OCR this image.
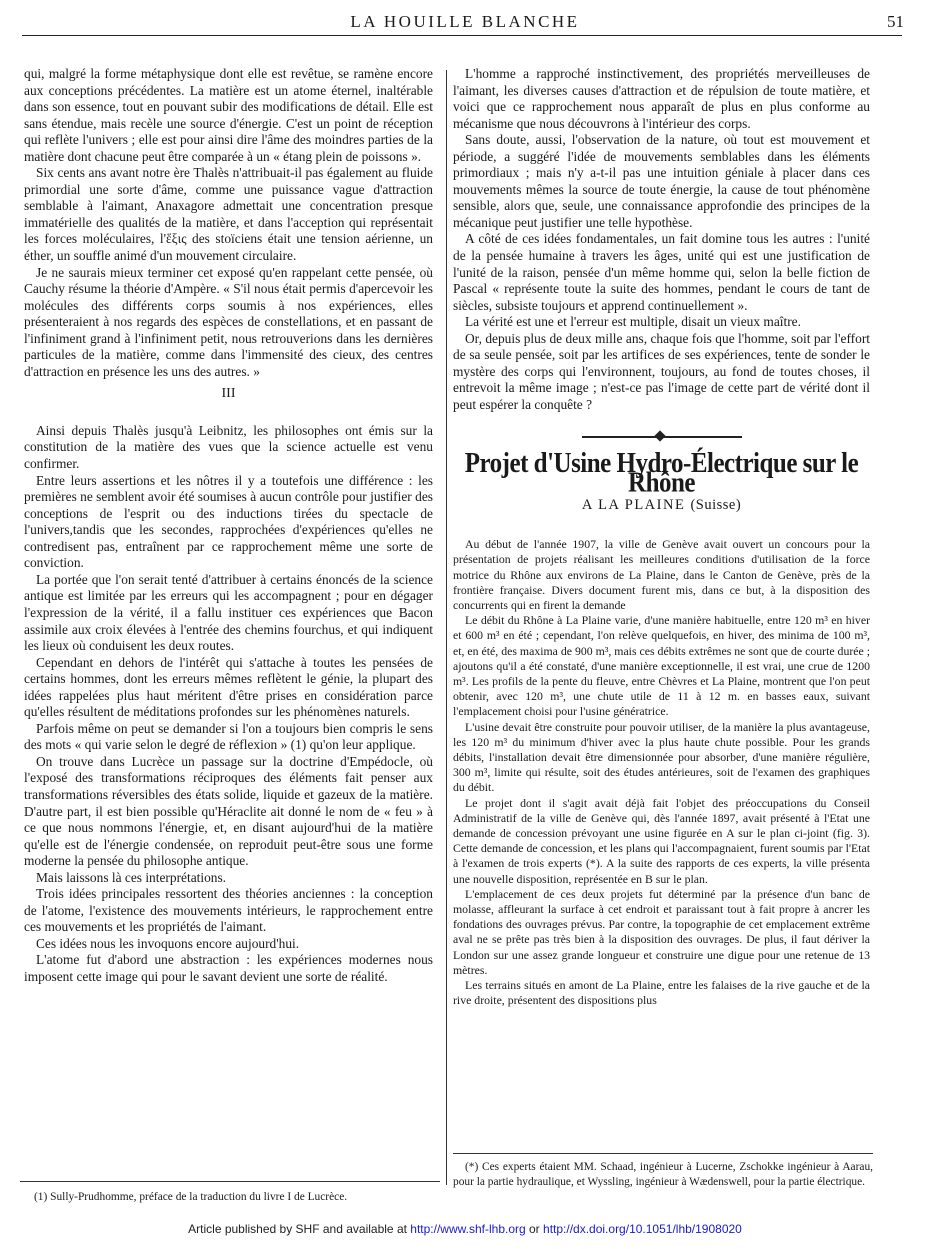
LA HOUILLE BLANCHE	51

qui, malgré la forme métaphysique dont elle est revêtue, se ramène encore aux conceptions précédentes. La matière est un atome éternel, inaltérable dans son essence, tout en pouvant subir des modifications de détail. Elle est sans étendue, mais recèle une source d'énergie. C'est un point de réception qui reflète l'univers ; elle est pour ainsi dire l'âme des moindres parties de la matière dont chacune peut être comparée à un « étang plein de poissons ».

Six cents ans avant notre ère Thalès n'attribuait-il pas également au fluide primordial une sorte d'âme, comme une puissance vague d'attraction semblable à l'aimant, Anaxagore admettait une concentration presque immatérielle des qualités de la matière, et dans l'acception qui représentait les forces moléculaires, l'ἕξις des stoïciens était une tension aérienne, un éther, un souffle animé d'un mouvement circulaire.

Je ne saurais mieux terminer cet exposé qu'en rappelant cette pensée, où Cauchy résume la théorie d'Ampère. « S'il nous était permis d'apercevoir les molécules des différents corps soumis à nos expériences, elles présenteraient à nos regards des espèces de constellations, et en passant de l'infiniment grand à l'infiniment petit, nous retrouverions dans les dernières particules de la matière, comme dans l'immensité des cieux, des centres d'attraction en présence les uns des autres. »

III

Ainsi depuis Thalès jusqu'à Leibnitz, les philosophes ont émis sur la constitution de la matière des vues que la science actuelle est venu confirmer.

Entre leurs assertions et les nôtres il y a toutefois une différence : les premières ne semblent avoir été soumises à aucun contrôle pour justifier des conceptions de l'esprit ou des inductions tirées du spectacle de l'univers,tandis que les secondes, rapprochées d'expériences qu'elles ne contredisent pas, entraînent par ce rapprochement même une sorte de conviction.

La portée que l'on serait tenté d'attribuer à certains énoncés de la science antique est limitée par les erreurs qui les accompagnent ; pour en dégager l'expression de la vérité, il a fallu instituer ces expériences que Bacon assimile aux croix élevées à l'entrée des chemins fourchus, et qui indiquent les lieux où conduisent les deux routes.

Cependant en dehors de l'intérêt qui s'attache à toutes les pensées de certains hommes, dont les erreurs mêmes reflètent le génie, la plupart des idées rappelées plus haut méritent d'être prises en considération parce qu'elles résultent de méditations profondes sur les phénomènes naturels.

Parfois même on peut se demander si l'on a toujours bien compris le sens des mots « qui varie selon le degré de réflexion » (1) qu'on leur applique.

On trouve dans Lucrèce un passage sur la doctrine d'Empédocle, où l'exposé des transformations réciproques des éléments fait penser aux transformations réversibles des états solide, liquide et gazeux de la matière. D'autre part, il est bien possible qu'Héraclite ait donné le nom de « feu » à ce que nous nommons l'énergie, et, en disant aujourd'hui de la matière qu'elle est de l'énergie condensée, on reproduit peut-être sous une forme moderne la pensée du philosophe antique.

Mais laissons là ces interprétations.

Trois idées principales ressortent des théories anciennes : la conception de l'atome, l'existence des mouvements intérieurs, le rapprochement entre ces mouvements et les propriétés de l'aimant.

Ces idées nous les invoquons encore aujourd'hui.

L'atome fut d'abord une abstraction : les expériences modernes nous imposent cette image qui pour le savant devient une sorte de réalité.

L'homme a rapproché instinctivement, des propriétés merveilleuses de l'aimant, les diverses causes d'attraction et de répulsion de toute matière, et voici que ce rapprochement nous apparaît de plus en plus conforme au mécanisme que nous découvrons à l'intérieur des corps.

Sans doute, aussi, l'observation de la nature, où tout est mouvement et période, a suggéré l'idée de mouvements semblables dans les éléments primordiaux ; mais n'y a-t-il pas une intuition géniale à placer dans ces mouvements mêmes la source de toute énergie, la cause de tout phénomène sensible, alors que, seule, une connaissance approfondie des principes de la mécanique peut justifier une telle hypothèse.

A côté de ces idées fondamentales, un fait domine tous les autres : l'unité de la pensée humaine à travers les âges, unité qui est une justification de l'unité de la raison, pensée d'un même homme qui, selon la belle fiction de Pascal « représente toute la suite des hommes, pendant le cours de tant de siècles, subsiste toujours et apprend continuellement ».

La vérité est une et l'erreur est multiple, disait un vieux maître.

Or, depuis plus de deux mille ans, chaque fois que l'homme, soit par l'effort de sa seule pensée, soit par les artifices de ses expériences, tente de sonder le mystère des corps qui l'environnent, toujours, au fond de toutes choses, il entrevoit la même image ; n'est-ce pas l'image de cette part de vérité dont il peut espérer la conquête ?

Projet d'Usine Hydro-Électrique sur le Rhône
A LA PLAINE (Suisse)

Au début de l'année 1907, la ville de Genève avait ouvert un concours pour la présentation de projets réalisant les meilleures conditions d'utilisation de la force motrice du Rhône aux environs de La Plaine, dans le Canton de Genève, près de la frontière française. Divers document furent mis, dans ce but, à la disposition des concurrents qui en firent la demande

Le débit du Rhône à La Plaine varie, d'une manière habituelle, entre 120 m³ en hiver et 600 m³ en été ; cependant, l'on relève quelquefois, en hiver, des minima de 100 m³, et, en été, des maxima de 900 m³, mais ces débits extrêmes ne sont que de courte durée ; ajoutons qu'il a été constaté, d'une manière exceptionnelle, il est vrai, une crue de 1200 m³. Les profils de la pente du fleuve, entre Chèvres et La Plaine, montrent que l'on peut obtenir, avec 120 m³, une chute utile de 11 à 12 m. en basses eaux, suivant l'emplacement choisi pour l'usine génératrice.

L'usine devait être construite pour pouvoir utiliser, de la manière la plus avantageuse, les 120 m³ du minimum d'hiver avec la plus haute chute possible. Pour les grands débits, l'installation devait être dimensionnée pour absorber, d'une manière régulière, 300 m³, limite qui résulte, soit des études antérieures, soit de l'examen des graphiques du débit.

Le projet dont il s'agit avait déjà fait l'objet des préoccupations du Conseil Administratif de la ville de Genève qui, dès l'année 1897, avait présenté à l'Etat une demande de concession prévoyant une usine figurée en A sur le plan ci-joint (fig. 3). Cette demande de concession, et les plans qui l'accompagnaient, furent soumis par l'Etat à l'examen de trois experts (*). A la suite des rapports de ces experts, la ville présenta une nouvelle disposition, représentée en B sur le plan.

L'emplacement de ces deux projets fut déterminé par la présence d'un banc de molasse, affleurant la surface à cet endroit et paraissant tout à fait propre à ancrer les fondations des ouvrages prévus. Par contre, la topographie de cet emplacement extrême aval ne se prête pas très bien à la disposition des ouvrages. De plus, il faut dériver la London sur une assez grande longueur et construire une digue pour une retenue de 13 mètres.

Les terrains situés en amont de La Plaine, entre les falaises de la rive gauche et de la rive droite, présentent des dispositions plus

(1) Sully-Prudhomme, préface de la traduction du livre I de Lucrèce.

(*) Ces experts étaient MM. Schaad, ingénieur à Lucerne, Zschokke ingénieur à Aarau, pour la partie hydraulique, et Wyssling, ingénieur à Wædenswell, pour la partie électrique.

Article published by SHF and available at http://www.shf-lhb.org or http://dx.doi.org/10.1051/lhb/1908020
